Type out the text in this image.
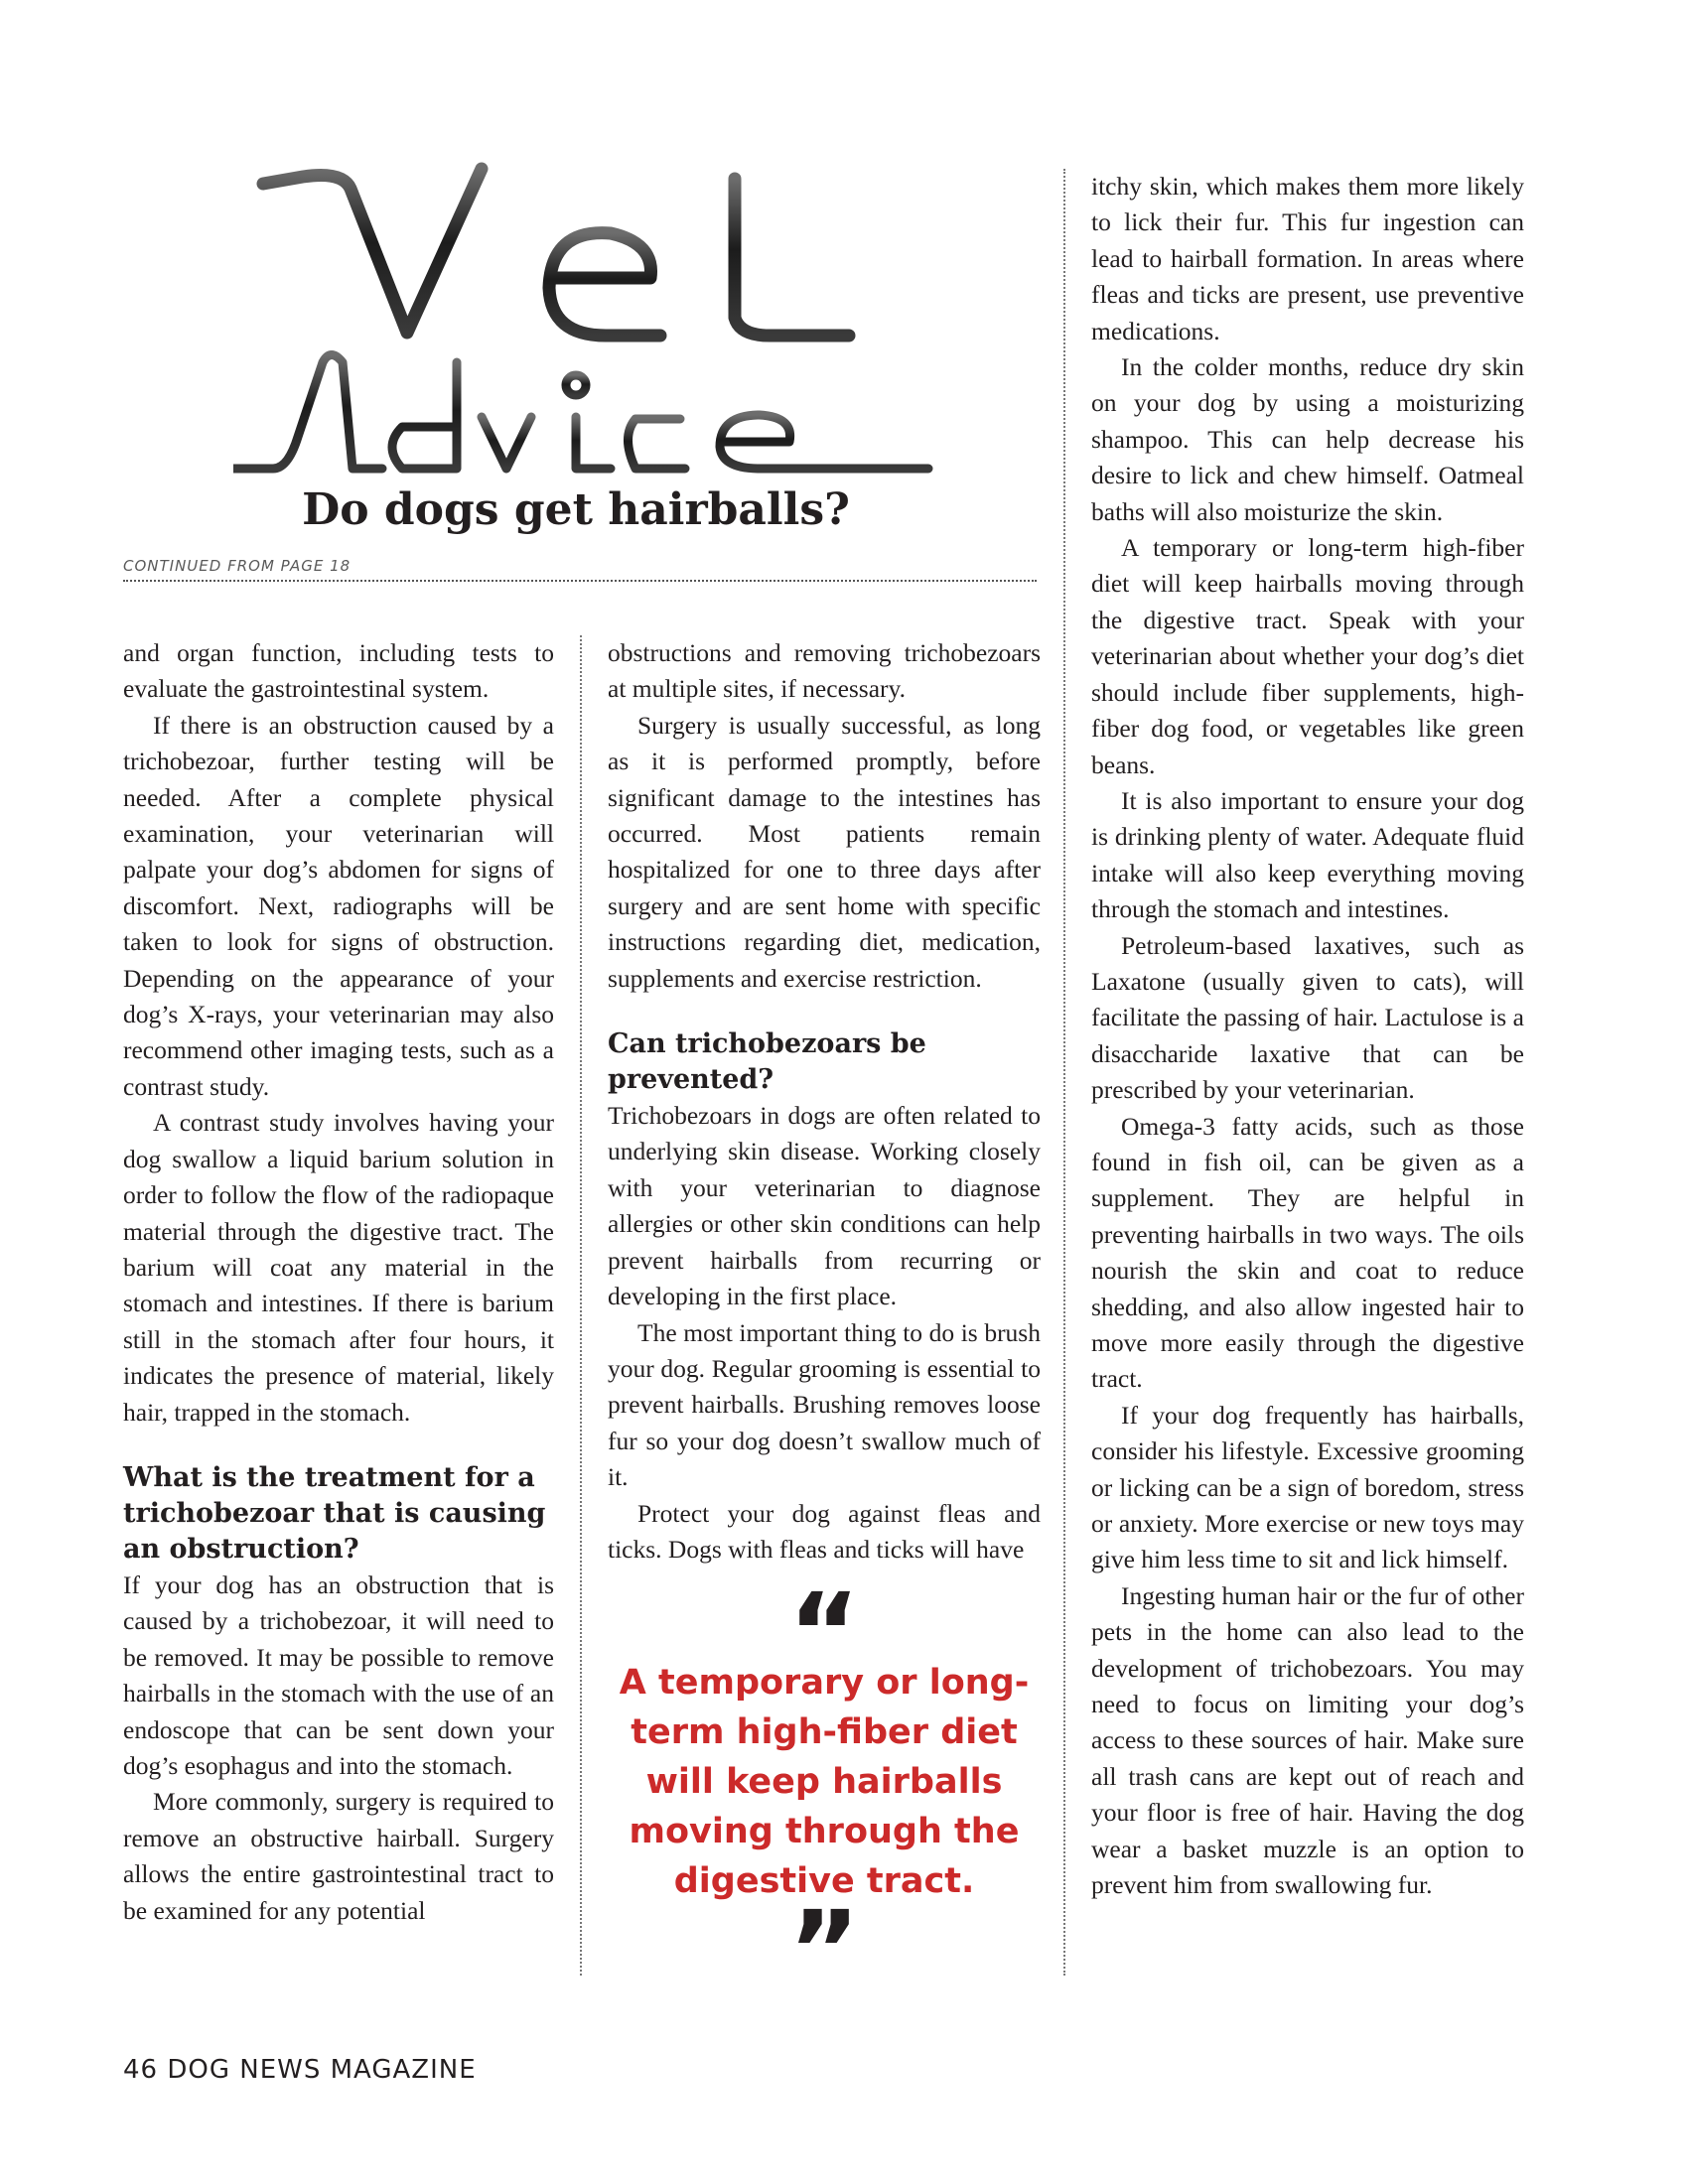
Do dogs get hairballs?
CONTINUED FROM PAGE 18

and organ function, including tests to evaluate the gastrointestinal system.

If there is an obstruction caused by a trichobezoar, further testing will be needed. After a complete physical examination, your veterinarian will palpate your dog’s abdomen for signs of discomfort. Next, radiographs will be taken to look for signs of obstruction. Depending on the appearance of your dog’s X-rays, your veterinarian may also recommend other imaging tests, such as a contrast study.

A contrast study involves having your dog swallow a liquid barium solution in order to follow the flow of the radiopaque material through the digestive tract. The barium will coat any material in the stomach and intestines. If there is barium still in the stomach after four hours, it indicates the presence of material, likely hair, trapped in the stomach.

What is the treatment for a trichobezoar that is causing an obstruction?

If your dog has an obstruction that is caused by a trichobezoar, it will need to be removed. It may be possible to remove hairballs in the stomach with the use of an endoscope that can be sent down your dog’s esophagus and into the stomach.

More commonly, surgery is required to remove an obstructive hairball. Surgery allows the entire gastrointestinal tract to be examined for any potential

obstructions and removing trichobezoars at multiple sites, if necessary.

Surgery is usually successful, as long as it is performed promptly, before significant damage to the intestines has occurred. Most patients remain hospitalized for one to three days after surgery and are sent home with specific instructions regarding diet, medication, supplements and exercise restriction.

Can trichobezoars be prevented?

Trichobezoars in dogs are often related to underlying skin disease. Working closely with your veterinarian to diagnose allergies or other skin conditions can help prevent hairballs from recurring or developing in the first place.

The most important thing to do is brush your dog. Regular grooming is essential to prevent hairballs. Brushing removes loose fur so your dog doesn’t swallow much of it.

Protect your dog against fleas and ticks. Dogs with fleas and ticks will have

“

A temporary or long-term high-fiber diet will keep hairballs moving through the digestive tract.

”

itchy skin, which makes them more likely to lick their fur. This fur ingestion can lead to hairball formation. In areas where fleas and ticks are present, use preventive medications.

In the colder months, reduce dry skin on your dog by using a moisturizing shampoo. This can help decrease his desire to lick and chew himself. Oatmeal baths will also moisturize the skin.

A temporary or long-term high-fiber diet will keep hairballs moving through the digestive tract. Speak with your veterinarian about whether your dog’s diet should include fiber supplements, high-fiber dog food, or vegetables like green beans.

It is also important to ensure your dog is drinking plenty of water. Adequate fluid intake will also keep everything moving through the stomach and intestines.

Petroleum-based laxatives, such as Laxatone (usually given to cats), will facilitate the passing of hair. Lactulose is a disaccharide laxative that can be prescribed by your veterinarian.

Omega-3 fatty acids, such as those found in fish oil, can be given as a supplement. They are helpful in preventing hairballs in two ways. The oils nourish the skin and coat to reduce shedding, and also allow ingested hair to move more easily through the digestive tract.

If your dog frequently has hairballs, consider his lifestyle. Excessive grooming or licking can be a sign of boredom, stress or anxiety. More exercise or new toys may give him less time to sit and lick himself.

Ingesting human hair or the fur of other pets in the home can also lead to the development of trichobezoars. You may need to focus on limiting your dog’s access to these sources of hair. Make sure all trash cans are kept out of reach and your floor is free of hair. Having the dog wear a basket muzzle is an option to prevent him from swallowing fur.

46 DOG NEWS MAGAZINE
